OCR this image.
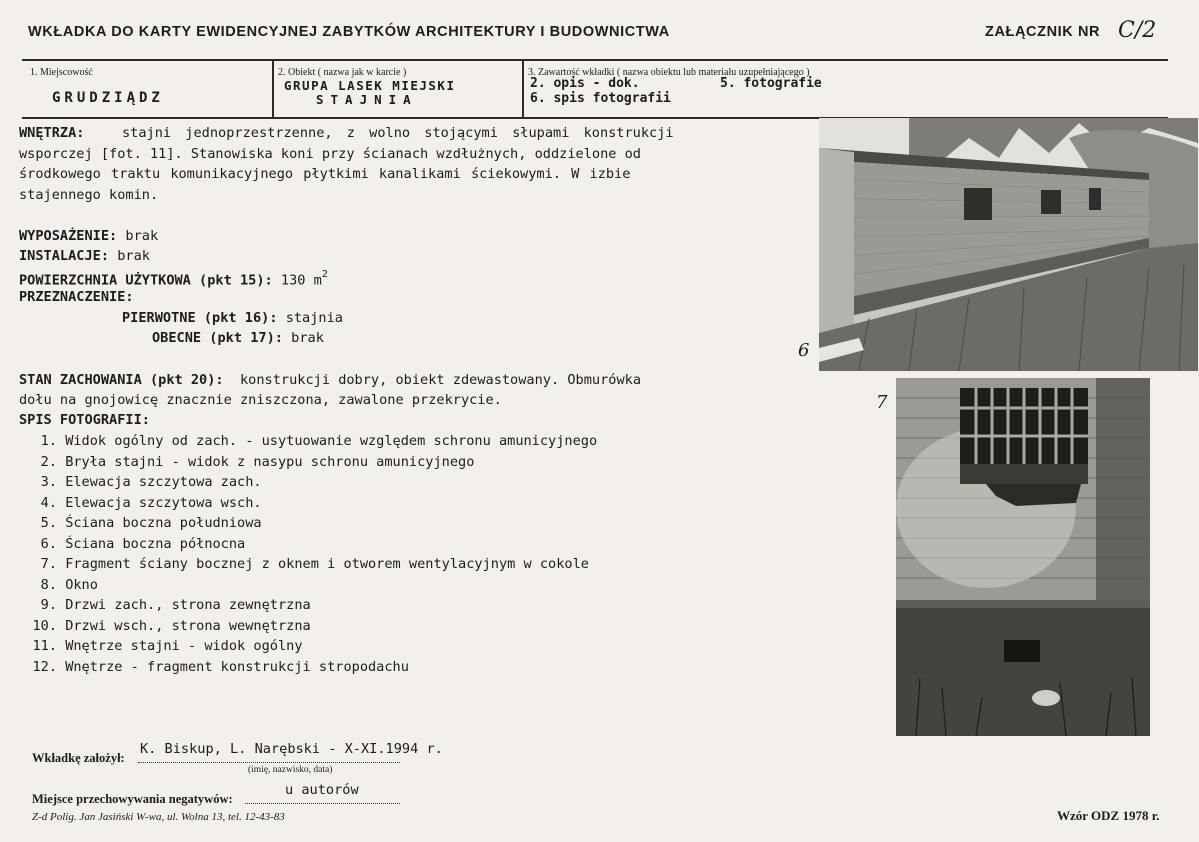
WKŁADKA DO KARTY EWIDENCYJNEJ ZABYTKÓW ARCHITEKTURY I BUDOWNICTWA	ZAŁĄCZNIK NR C/2
1. Miejscowość
GRUDZIĄDZ
2. Obiekt ( nazwa jak w karcie )
GRUPA LASEK MIEJSKI
STAJNIA
3. Zawartość wkładki ( nazwa obiektu lub materiału uzupełniającego )
2. opis - dok.	5. fotografie
6. spis fotografii
WNĘTRZA:	stajni jednoprzestrzenne, z wolno stojącymi słupami konstrukcji
wsporczej [fot. 11]. Stanowiska koni przy ścianach wzdłużnych, oddzielone od
środkowego traktu komunikacyjnego płytkimi kanalikami ściekowymi. W izbie
stajennego komin.
WYPOSAŻENIE: brak
INSTALACJE: brak
POWIERZCHNIA UŻYTKOWA (pkt 15): 130 $m^2$
PRZEZNACZENIE:
PIERWOTNE (pkt 16): stajnia
OBECNE (pkt 17): brak
STAN ZACHOWANIA (pkt 20): konstrukcji dobry, obiekt zdewastowany. Obmurówka
dołu na gnojowicę znacznie zniszczona, zawalone przekrycie.
SPIS FOTOGRAFII:
1. Widok ogólny od zach. - usytuowanie względem schronu amunicyjnego
2. Bryła stajni - widok z nasypu schronu amunicyjnego
3. Elewacja szczytowa zach.
4. Elewacja szczytowa wsch.
5. Ściana boczna południowa
6. Ściana boczna północna
7. Fragment ściany bocznej z oknem i otworem wentylacyjnym w cokole
8. Okno
9. Drzwi zach., strona zewnętrzna
10. Drzwi wsch., strona wewnętrzna
11. Wnętrze stajni - widok ogólny
12. Wnętrze - fragment konstrukcji stropodachu
6
7
Wkładkę założył:
K. Biskup, L. Narębski - X-XI.1994 r.
(imię, nazwisko, data)
Miejsce przechowywania negatywów:
u autorów
Z-d Polig. Jan Jasiński W-wa, ul. Wolna 13, tel. 12-43-83	Wzór ODZ 1978 r.
